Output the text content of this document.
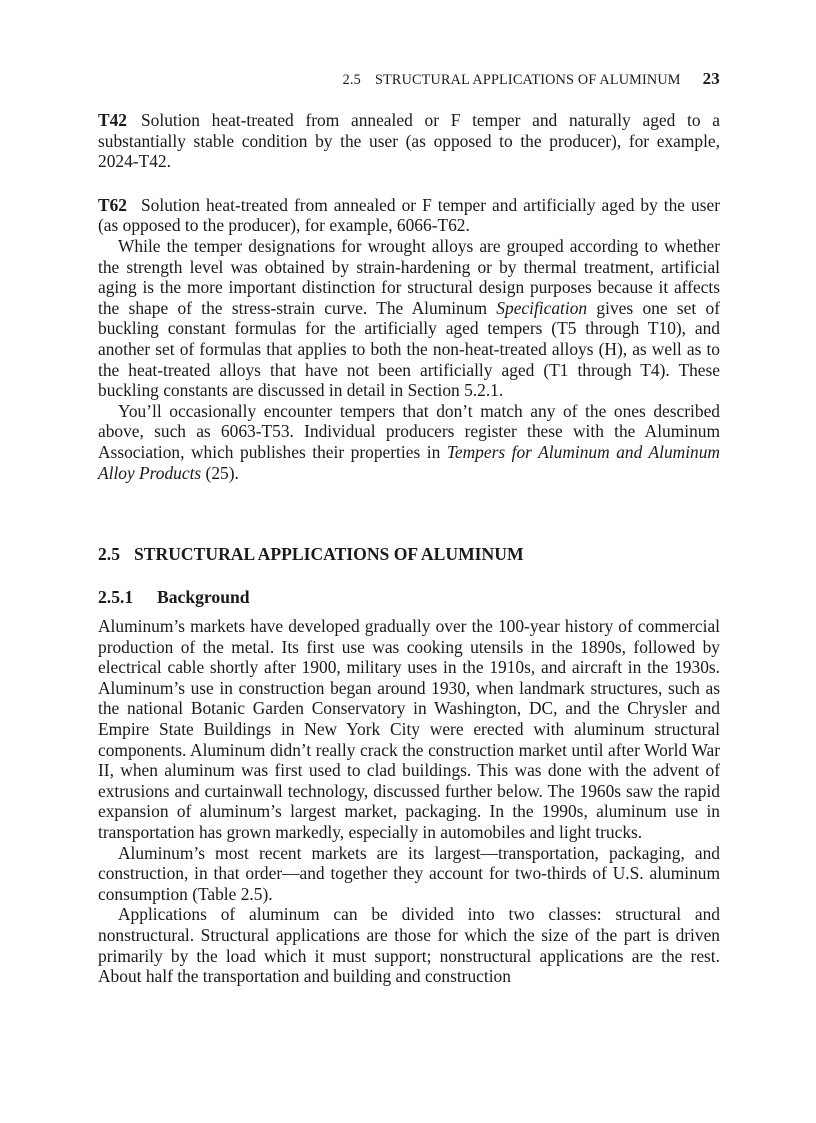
2.5 STRUCTURAL APPLICATIONS OF ALUMINUM 23

T42 Solution heat-treated from annealed or F temper and naturally aged to a substantially stable condition by the user (as opposed to the producer), for example, 2024-T42.

T62 Solution heat-treated from annealed or F temper and artificially aged by the user (as opposed to the producer), for example, 6066-T62.

While the temper designations for wrought alloys are grouped according to whether the strength level was obtained by strain-hardening or by thermal treatment, artificial aging is the more important distinction for structural design purposes because it affects the shape of the stress-strain curve. The Aluminum Specification gives one set of buckling constant formulas for the artificially aged tempers (T5 through T10), and another set of formulas that applies to both the non-heat-treated alloys (H), as well as to the heat-treated alloys that have not been artificially aged (T1 through T4). These buckling constants are discussed in detail in Section 5.2.1.

You’ll occasionally encounter tempers that don’t match any of the ones described above, such as 6063-T53. Individual producers register these with the Aluminum Association, which publishes their properties in Tempers for Aluminum and Aluminum Alloy Products (25).

2.5 STRUCTURAL APPLICATIONS OF ALUMINUM
2.5.1 Background

Aluminum’s markets have developed gradually over the 100-year history of commercial production of the metal. Its first use was cooking utensils in the 1890s, followed by electrical cable shortly after 1900, military uses in the 1910s, and aircraft in the 1930s. Aluminum’s use in construction began around 1930, when landmark structures, such as the national Botanic Garden Conservatory in Washington, DC, and the Chrysler and Empire State Buildings in New York City were erected with aluminum structural components. Aluminum didn’t really crack the construction market until after World War II, when aluminum was first used to clad buildings. This was done with the advent of extrusions and curtainwall technology, discussed further below. The 1960s saw the rapid expansion of aluminum’s largest market, packaging. In the 1990s, aluminum use in transportation has grown markedly, especially in automobiles and light trucks.

Aluminum’s most recent markets are its largest—transportation, packaging, and construction, in that order—and together they account for two-thirds of U.S. aluminum consumption (Table 2.5).

Applications of aluminum can be divided into two classes: structural and nonstructural. Structural applications are those for which the size of the part is driven primarily by the load which it must support; nonstructural applications are the rest. About half the transportation and building and construction
